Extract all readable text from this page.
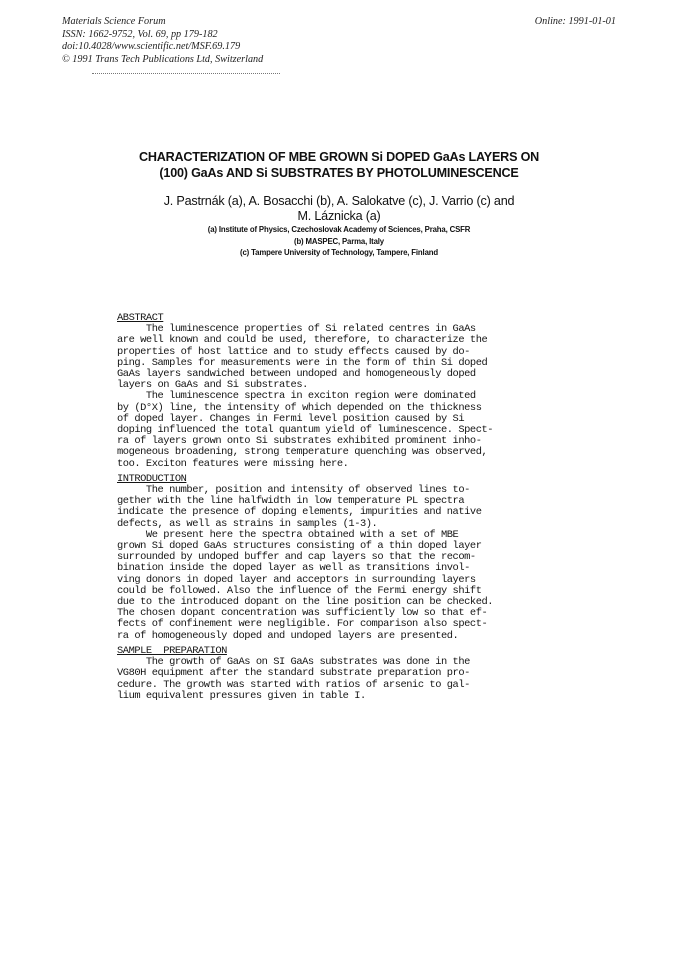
Materials Science Forum
ISSN: 1662-9752, Vol. 69, pp 179-182
doi:10.4028/www.scientific.net/MSF.69.179
© 1991 Trans Tech Publications Ltd, Switzerland
Online: 1991-01-01
CHARACTERIZATION OF MBE GROWN Si DOPED GaAs LAYERS ON
(100) GaAs AND Si SUBSTRATES BY PHOTOLUMINESCENCE
J. Pastrnák (a), A. Bosacchi (b), A. Salokatve (c), J. Varrio (c) and
M. Láznicka (a)
(a) Institute of Physics, Czechoslovak Academy of Sciences, Praha, CSFR
(b) MASPEC, Parma, Italy
(c) Tampere University of Technology, Tampere, Finland
ABSTRACT
The luminescence properties of Si related centres in GaAs
are well known and could be used, therefore, to characterize the
properties of host lattice and to study effects caused by do-
ping. Samples for measurements were in the form of thin Si doped
GaAs layers sandwiched between undoped and homogeneously doped
layers on GaAs and Si substrates.
The luminescence spectra in exciton region were dominated
by (D°X) line, the intensity of which depended on the thickness
of doped layer. Changes in Fermi level position caused by Si
doping influenced the total quantum yield of luminescence. Spect-
ra of layers grown onto Si substrates exhibited prominent inho-
mogeneous broadening, strong temperature quenching was observed,
too. Exciton features were missing here.
INTRODUCTION
The number, position and intensity of observed lines to-
gether with the line halfwidth in low temperature PL spectra
indicate the presence of doping elements, impurities and native
defects, as well as strains in samples (1-3).
We present here the spectra obtained with a set of MBE
grown Si doped GaAs structures consisting of a thin doped layer
surrounded by undoped buffer and cap layers so that the recom-
bination inside the doped layer as well as transitions invol-
ving donors in doped layer and acceptors in surrounding layers
could be followed. Also the influence of the Fermi energy shift
due to the introduced dopant on the line position can be checked.
The chosen dopant concentration was sufficiently low so that ef-
fects of confinement were negligible. For comparison also spect-
ra of homogeneously doped and undoped layers are presented.
SAMPLE  PREPARATION
The growth of GaAs on SI GaAs substrates was done in the
VG80H equipment after the standard substrate preparation pro-
cedure. The growth was started with ratios of arsenic to gal-
lium equivalent pressures given in table I.
